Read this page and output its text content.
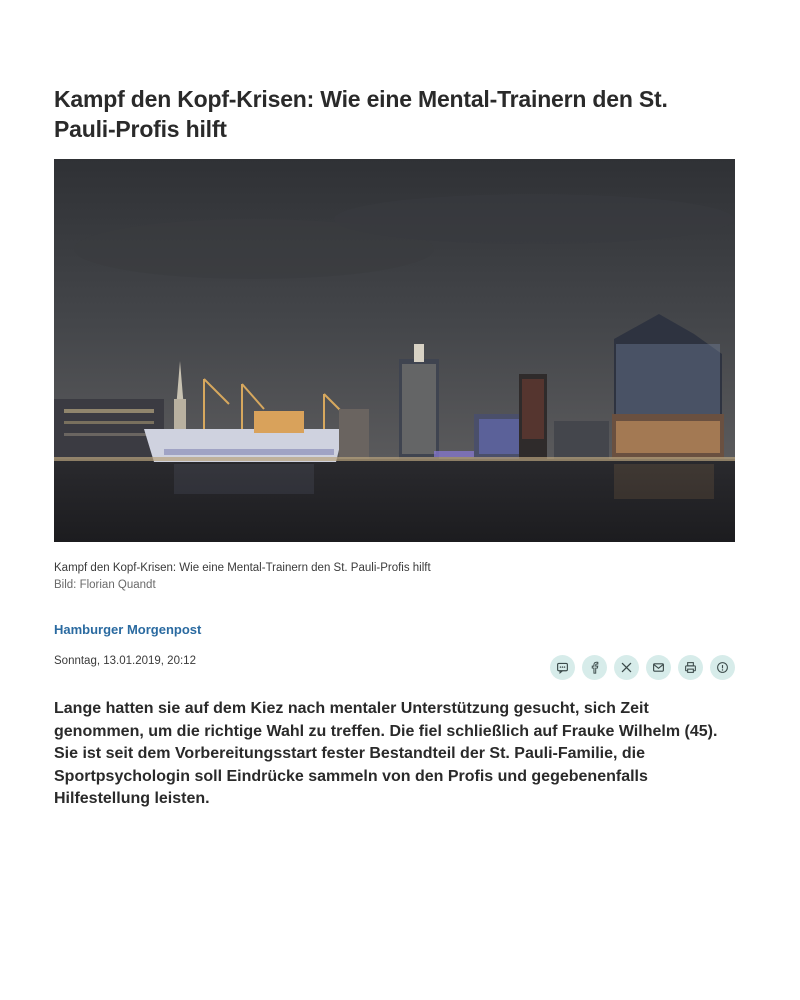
Kampf den Kopf-Krisen: Wie eine Mental-Trainern den St. Pauli-Profis hilft
Kampf den Kopf-Krisen: Wie eine Mental-Trainern den St. Pauli-Profis hilft
Bild: Florian Quandt
Hamburger Morgenpost
Sonntag, 13.01.2019, 20:12

Lange hatten sie auf dem Kiez nach mentaler Unterstützung gesucht, sich Zeit genommen, um die richtige Wahl zu treffen. Die fiel schließlich auf Frauke Wilhelm (45). Sie ist seit dem Vorbereitungsstart fester Bestandteil der St. Pauli-Familie, die Sportpsychologin soll Eindrücke sammeln von den Profis und gegebenenfalls Hilfestellung leisten.
